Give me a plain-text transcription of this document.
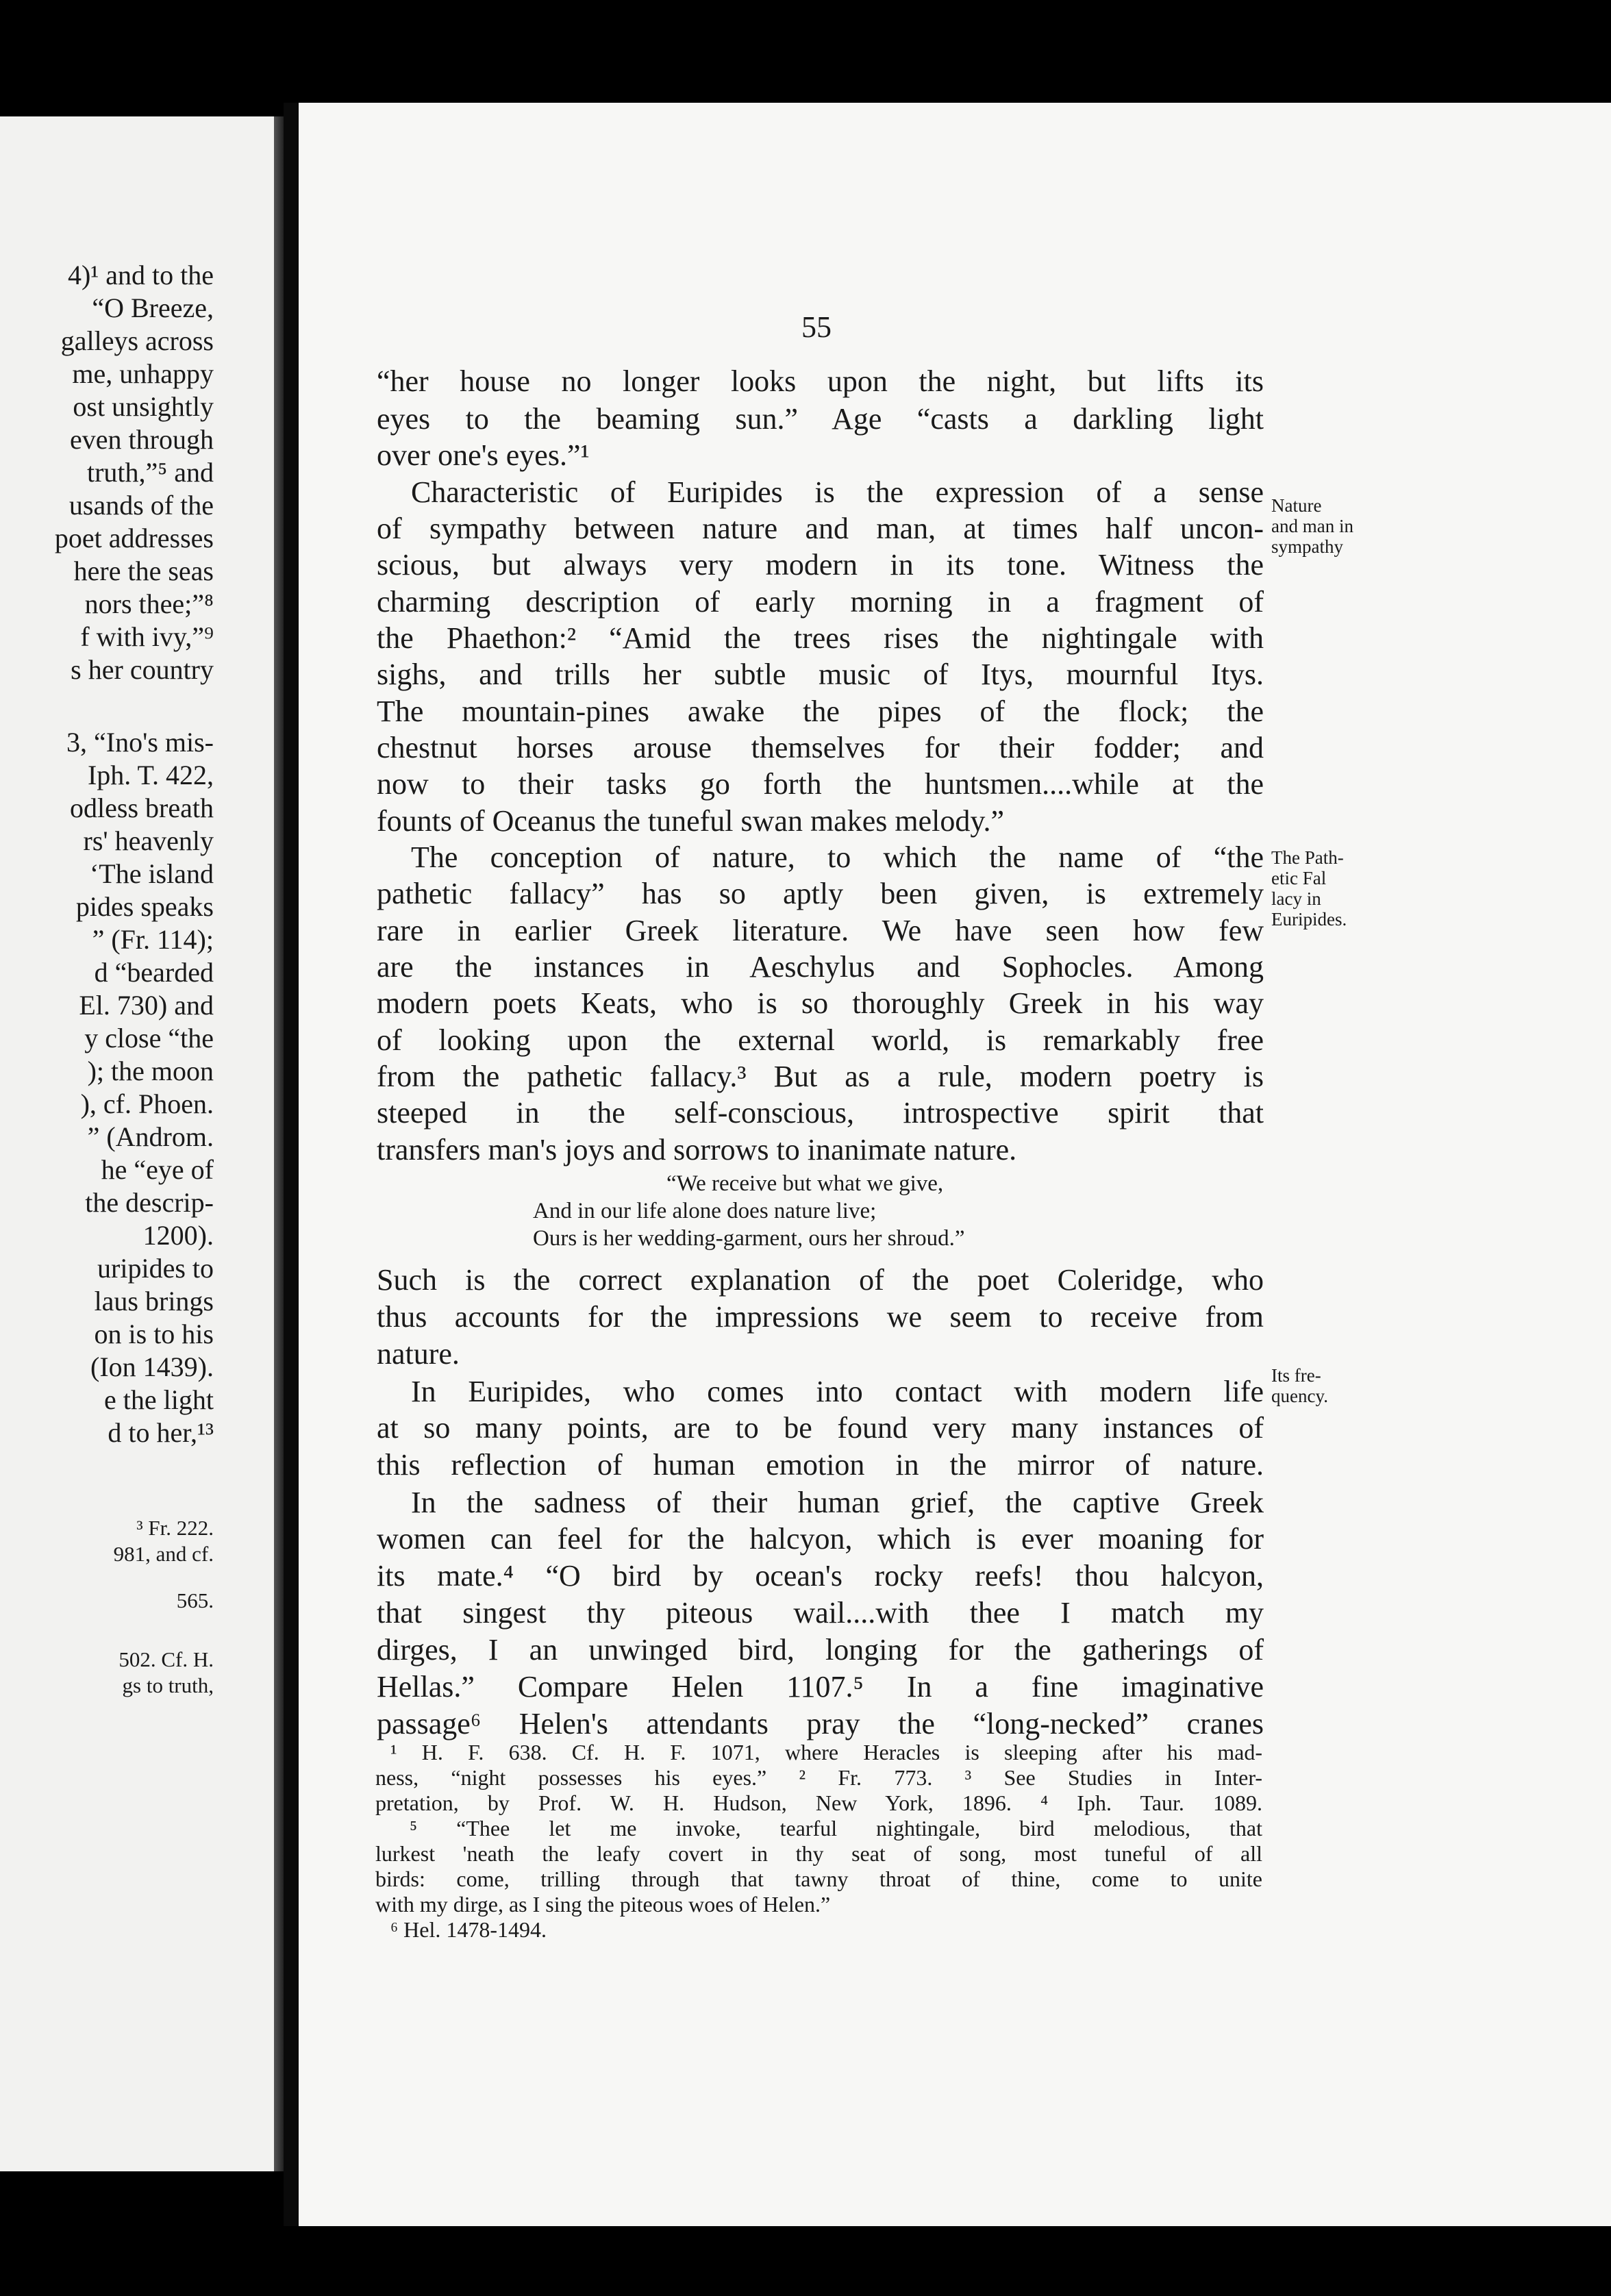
4)¹ and to the
“O Breeze,
galleys across
me, unhappy
ost unsightly
even through
truth,”⁵ and
usands of the
poet addresses
here the seas
nors thee;”⁸
f with ivy,”⁹
s her country
3, “Ino's mis-
Iph. T. 422,
odless breath
rs' heavenly
‘The island
pides speaks
” (Fr. 114);
d “bearded
El. 730) and
y close “the
); the moon
), cf. Phoen.
” (Androm.
he “eye of
the descrip-
1200).
uripides to
laus brings
on is to his
(Ion 1439).
e the light
d to her,¹³
³ Fr. 222.
981, and cf.
565.
502. Cf. H.
gs to truth,
55
“her house no longer looks upon the night, but lifts its
eyes to the beaming sun.” Age “casts a darkling light
over one's eyes.”¹
Characteristic of Euripides is the expression of a sense
of sympathy between nature and man, at times half uncon-
scious, but always very modern in its tone. Witness the
charming description of early morning in a fragment of
the Phaethon:² “Amid the trees rises the nightingale with
sighs, and trills her subtle music of Itys, mournful Itys.
The mountain-pines awake the pipes of the flock; the
chestnut horses arouse themselves for their fodder; and
now to their tasks go forth the huntsmen....while at the
founts of Oceanus the tuneful swan makes melody.”
The conception of nature, to which the name of “the
pathetic fallacy” has so aptly been given, is extremely
rare in earlier Greek literature. We have seen how few
are the instances in Aeschylus and Sophocles. Among
modern poets Keats, who is so thoroughly Greek in his way
of looking upon the external world, is remarkably free
from the pathetic fallacy.³ But as a rule, modern poetry is
steeped in the self-conscious, introspective spirit that
transfers man's joys and sorrows to inanimate nature.
“We receive but what we give,
And in our life alone does nature live;
Ours is her wedding-garment, ours her shroud.”
Such is the correct explanation of the poet Coleridge, who
thus accounts for the impressions we seem to receive from
nature.
In Euripides, who comes into contact with modern life
at so many points, are to be found very many instances of
this reflection of human emotion in the mirror of nature.
In the sadness of their human grief, the captive Greek
women can feel for the halcyon, which is ever moaning for
its mate.⁴ “O bird by ocean's rocky reefs! thou halcyon,
that singest thy piteous wail....with thee I match my
dirges, I an unwinged bird, longing for the gatherings of
Hellas.” Compare Helen 1107.⁵ In a fine imaginative
passage⁶ Helen's attendants pray the “long-necked” cranes
¹ H. F. 638. Cf. H. F. 1071, where Heracles is sleeping after his mad-
ness, “night possesses his eyes.” ² Fr. 773. ³ See Studies in Inter-
pretation, by Prof. W. H. Hudson, New York, 1896. ⁴ Iph. Taur. 1089.
⁵ “Thee let me invoke, tearful nightingale, bird melodious, that
lurkest 'neath the leafy covert in thy seat of song, most tuneful of all
birds: come, trilling through that tawny throat of thine, come to unite
with my dirge, as I sing the piteous woes of Helen.”
⁶ Hel. 1478-1494.
Nature
and man in
sympathy
The Path-
etic Fal
lacy in
Euripides.
Its fre-
quency.
